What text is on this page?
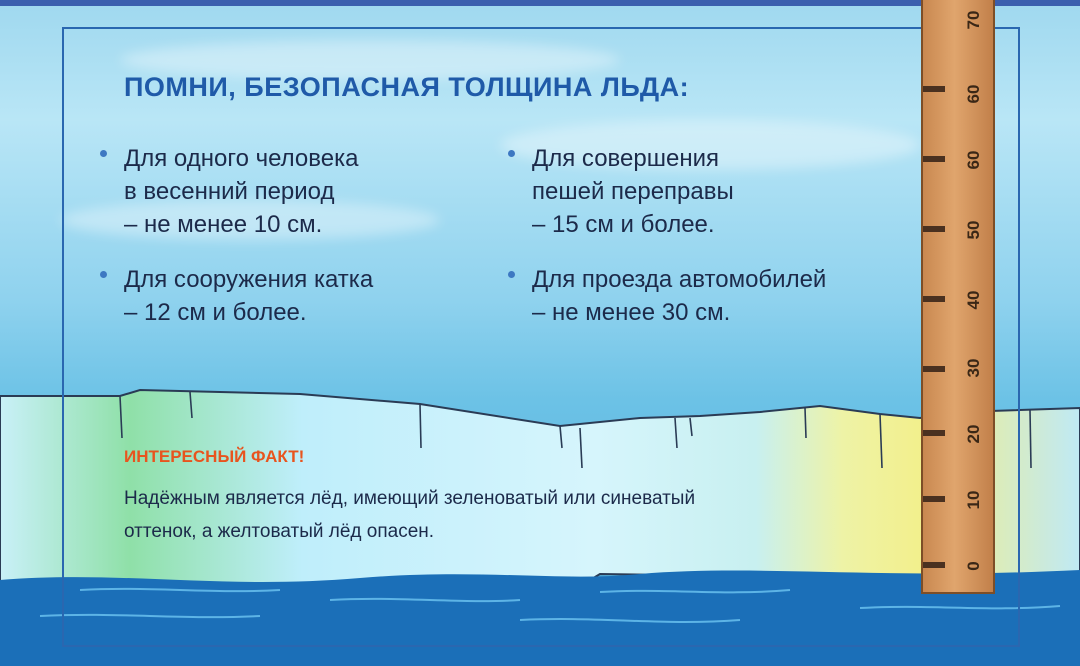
ПОМНИ, БЕЗОПАСНАЯ ТОЛЩИНА ЛЬДА:
Для одного человека
в весенний период
– не менее 10 см.
Для совершения
пешей переправы
– 15 см и более.
Для сооружения катка
– 12 см и более.
Для проезда автомобилей
– не менее 30 см.
ИНТЕРЕСНЫЙ ФАКТ!
Надёжным является лёд, имеющий зеленоватый или синеватый
оттенок, а желтоватый лёд опасен.
70
60
60
50
40
30
20
10
0
